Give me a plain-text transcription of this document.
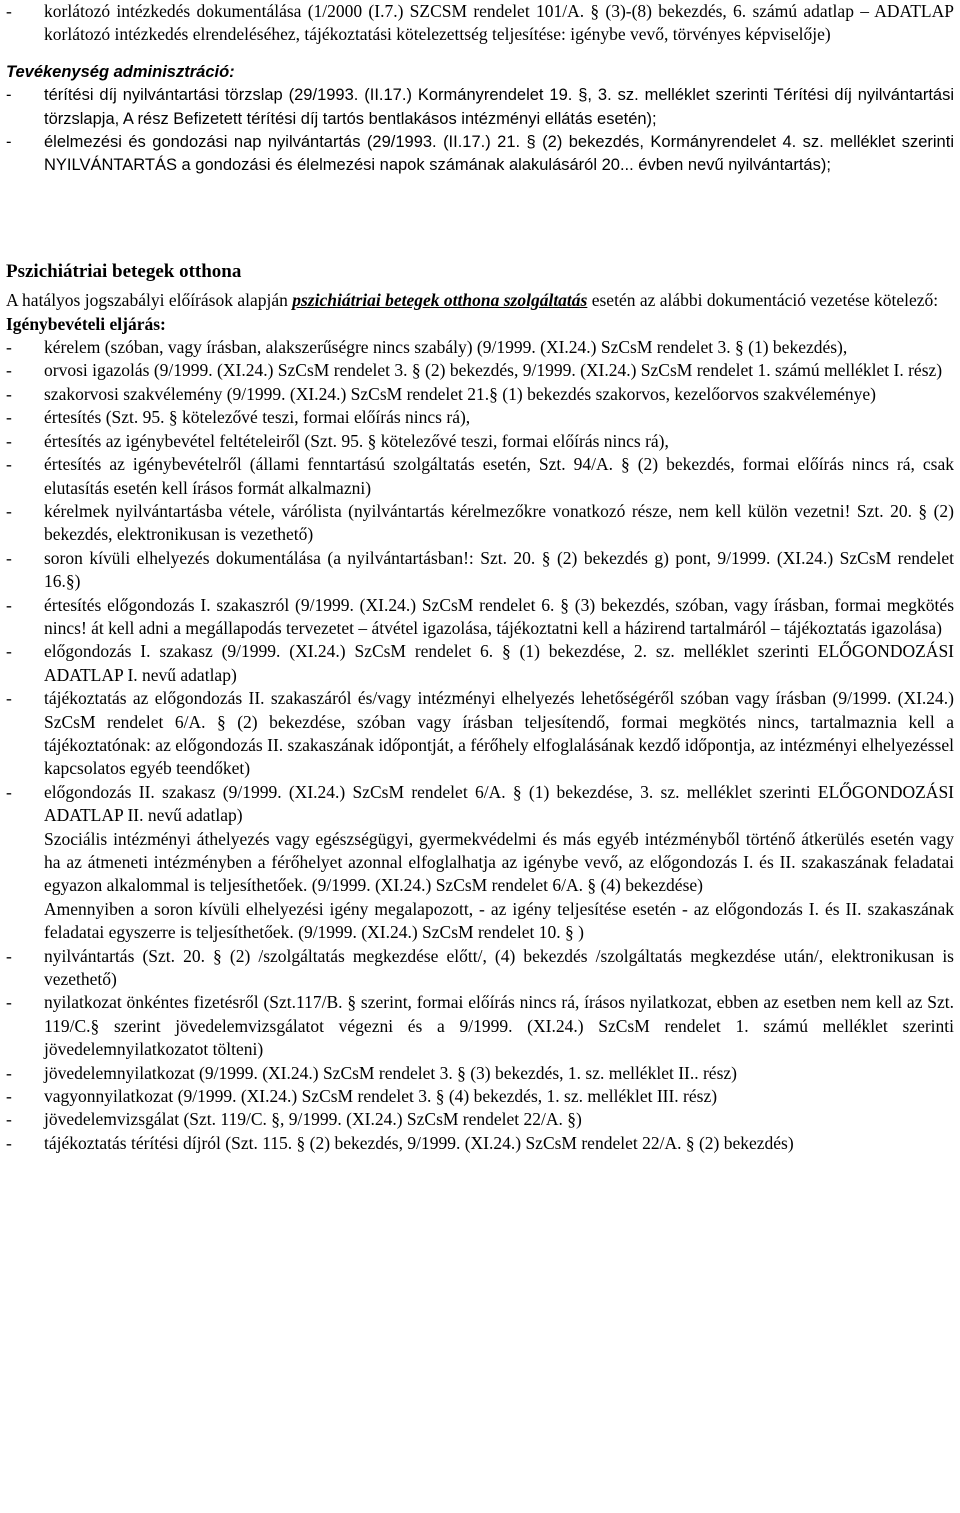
- korlátozó intézkedés dokumentálása (1/2000 (I.7.) SZCSM rendelet 101/A. § (3)-(8) bekezdés, 6. számú adatlap – ADATLAP korlátozó intézkedés elrendeléséhez, tájékoztatási kötelezettség teljesítése: igénybe vevő, törvényes képviselője)
Tevékenység adminisztráció:
- térítési díj nyilvántartási törzslap (29/1993. (II.17.) Kormányrendelet 19. §, 3. sz. melléklet szerinti Térítési díj nyilvántartási törzslapja, A rész Befizetett térítési díj tartós bentlakásos intézményi ellátás esetén);
- élelmezési és gondozási nap nyilvántartás (29/1993. (II.17.) 21. § (2) bekezdés, Kormányrendelet 4. sz. melléklet szerinti NYILVÁNTARTÁS a gondozási és élelmezési napok számának alakulásáról 20... évben nevű nyilvántartás);
Pszichiátriai betegek otthona
A hatályos jogszabályi előírások alapján pszichiátriai betegek otthona szolgáltatás esetén az alábbi dokumentáció vezetése kötelező:
Igénybevételi eljárás:
- kérelem (szóban, vagy írásban, alakszerűségre nincs szabály) (9/1999. (XI.24.) SzCsM rendelet 3. § (1) bekezdés),
- orvosi igazolás (9/1999. (XI.24.) SzCsM rendelet 3. § (2) bekezdés, 9/1999. (XI.24.) SzCsM rendelet 1. számú melléklet I. rész)
- szakorvosi szakvélemény (9/1999. (XI.24.) SzCsM rendelet 21.§ (1) bekezdés szakorvos, kezelőorvos szakvéleménye)
- értesítés (Szt. 95. § kötelezővé teszi, formai előírás nincs rá),
- értesítés az igénybevétel feltételeiről (Szt. 95. § kötelezővé teszi, formai előírás nincs rá),
- értesítés az igénybevételről (állami fenntartású szolgáltatás esetén, Szt. 94/A. § (2) bekezdés, formai előírás nincs rá, csak elutasítás esetén kell írásos formát alkalmazni)
- kérelmek nyilvántartásba vétele, várólista (nyilvántartás kérelmezőkre vonatkozó része, nem kell külön vezetni! Szt. 20. § (2) bekezdés, elektronikusan is vezethető)
- soron kívüli elhelyezés dokumentálása (a nyilvántartásban!: Szt. 20. § (2) bekezdés g) pont, 9/1999. (XI.24.) SzCsM rendelet 16.§)
- értesítés előgondozás I. szakaszról (9/1999. (XI.24.) SzCsM rendelet 6. § (3) bekezdés, szóban, vagy írásban, formai megkötés nincs! át kell adni a megállapodás tervezetet – átvétel igazolása, tájékoztatni kell a házirend tartalmáról – tájékoztatás igazolása)
- előgondozás I. szakasz (9/1999. (XI.24.) SzCsM rendelet 6. § (1) bekezdése, 2. sz. melléklet szerinti ELŐGONDOZÁSI ADATLAP I. nevű adatlap)
- tájékoztatás az előgondozás II. szakaszáról és/vagy intézményi elhelyezés lehetőségéről szóban vagy írásban (9/1999. (XI.24.) SzCsM rendelet 6/A. § (2) bekezdése, szóban vagy írásban teljesítendő, formai megkötés nincs, tartalmaznia kell a tájékoztatónak: az előgondozás II. szakaszának időpontját, a férőhely elfoglalásának kezdő időpontja, az intézményi elhelyezéssel kapcsolatos egyéb teendőket)
- előgondozás II. szakasz (9/1999. (XI.24.) SzCsM rendelet 6/A. § (1) bekezdése, 3. sz. melléklet szerinti ELŐGONDOZÁSI ADATLAP II. nevű adatlap)
Szociális intézményi áthelyezés vagy egészségügyi, gyermekvédelmi és más egyéb intézményből történő átkerülés esetén vagy ha az átmeneti intézményben a férőhelyet azonnal elfoglalhatja az igénybe vevő, az előgondozás I. és II. szakaszának feladatai egyazon alkalommal is teljesíthetőek. (9/1999. (XI.24.) SzCsM rendelet 6/A. § (4) bekezdése)
Amennyiben a soron kívüli elhelyezési igény megalapozott, - az igény teljesítése esetén - az előgondozás I. és II. szakaszának feladatai egyszerre is teljesíthetőek. (9/1999. (XI.24.) SzCsM rendelet 10. § )
- nyilvántartás (Szt. 20. § (2) /szolgáltatás megkezdése előtt/, (4) bekezdés /szolgáltatás megkezdése után/, elektronikusan is vezethető)
- nyilatkozat önkéntes fizetésről (Szt.117/B. § szerint, formai előírás nincs rá, írásos nyilatkozat, ebben az esetben nem kell az Szt. 119/C.§ szerint jövedelemvizsgálatot végezni és a 9/1999. (XI.24.) SzCsM rendelet 1. számú melléklet szerinti jövedelemnyilatkozatot tölteni)
- jövedelemnyilatkozat (9/1999. (XI.24.) SzCsM rendelet 3. § (3) bekezdés, 1. sz. melléklet II.. rész)
- vagyonnyilatkozat (9/1999. (XI.24.) SzCsM rendelet 3. § (4) bekezdés, 1. sz. melléklet III. rész)
- jövedelemvizsgálat (Szt. 119/C. §, 9/1999. (XI.24.) SzCsM rendelet 22/A. §)
- tájékoztatás térítési díjról (Szt. 115. § (2) bekezdés, 9/1999. (XI.24.) SzCsM rendelet 22/A. § (2) bekezdés)
